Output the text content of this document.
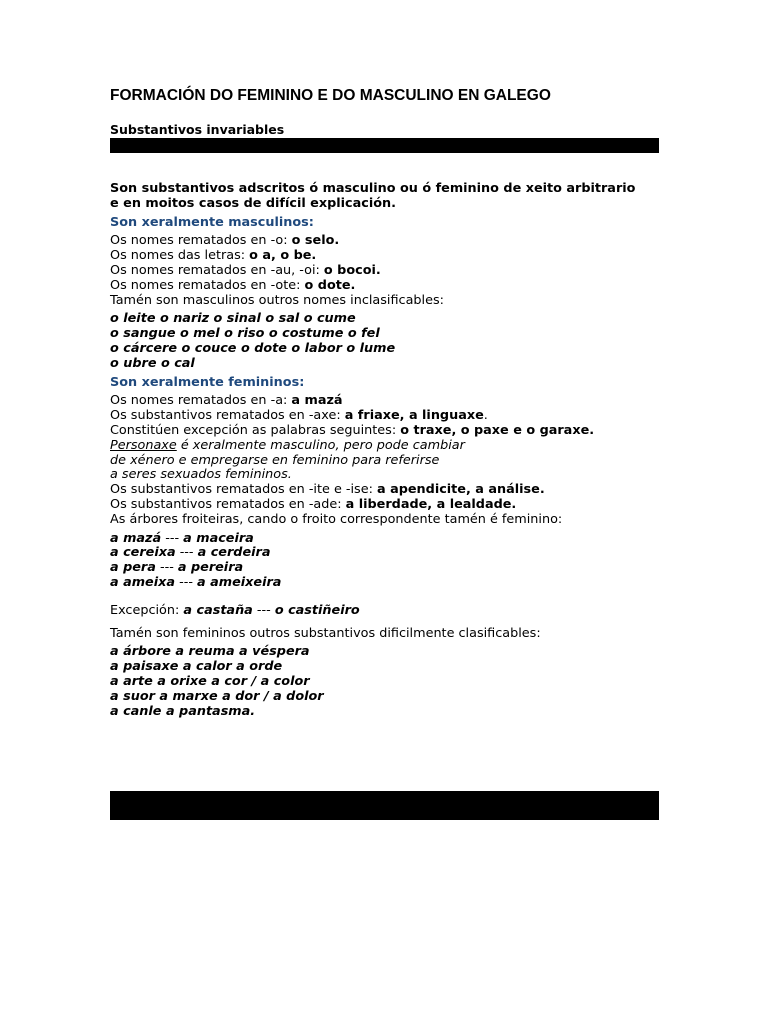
FORMACIÓN DO FEMININO E DO MASCULINO EN GALEGO
Substantivos invariables

Son substantivos adscritos ó masculino ou ó feminino de xeito arbitrario

e en moitos casos de difícil explicación.

Son xeralmente masculinos:

Os nomes rematados en -o: o selo.

Os nomes das letras: o a, o be.

Os nomes rematados en -au, -oi: o bocoi.

Os nomes rematados en -ote: o dote.

Tamén son masculinos outros nomes inclasificables:

o leite o nariz o sinal o sal o cume

o sangue o mel o riso o costume o fel

o cárcere o couce o dote o labor o lume

o ubre o cal

Son xeralmente femininos:

Os nomes rematados en -a: a mazá

Os substantivos rematados en -axe: a friaxe, a linguaxe.

Constitúen excepción as palabras seguintes: o traxe, o paxe e o garaxe.

Personaxe é xeralmente masculino, pero pode cambiar

de xénero e empregarse en feminino para referirse

a seres sexuados femininos.

Os substantivos rematados en -ite e -ise: a apendicite, a análise.

Os substantivos rematados en -ade: a liberdade, a lealdade.

As árbores froiteiras, cando o froito correspondente tamén é feminino:

a mazá --- a maceira

a cereixa --- a cerdeira

a pera --- a pereira

a ameixa --- a ameixeira

Excepción: a castaña --- o castiñeiro

Tamén son femininos outros substantivos dificilmente clasificables:

a árbore a reuma a véspera

a paisaxe a calor a orde

a arte a orixe a cor / a color

a suor a marxe a dor / a dolor

a canle a pantasma.
